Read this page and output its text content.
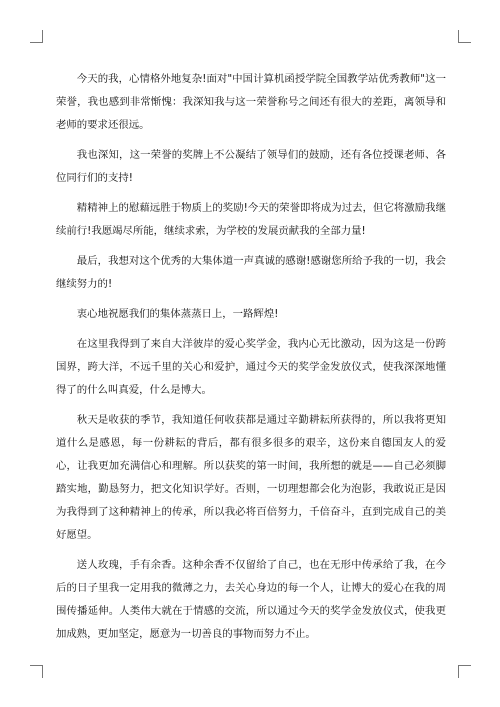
今天的我，心情格外地复杂!面对"中国计算机函授学院全国教学站优秀教师"这一荣誉，我也感到非常惭愧：我深知我与这一荣誉称号之间还有很大的差距，离领导和老师的要求还很远。

我也深知，这一荣誉的奖牌上不公凝结了领导们的鼓励，还有各位授课老师、各位同行们的支持!

精精神上的慰藉远胜于物质上的奖励!今天的荣誉即将成为过去，但它将激励我继续前行!我愿竭尽所能，继续求索，为学校的发展贡献我的全部力量!

最后，我想对这个优秀的大集体道一声真诚的感谢!感谢您所给予我的一切，我会继续努力的!

衷心地祝愿我们的集体蒸蒸日上，一路辉煌!

在这里我得到了来自大洋彼岸的爱心奖学金，我内心无比激动，因为这是一份跨国界，跨大洋，不远千里的关心和爱护，通过今天的奖学金发放仪式，使我深深地懂得了的什么叫真爱，什么是博大。

秋天是收获的季节，我知道任何收获都是通过辛勤耕耘所获得的，所以我将更知道什么是感恩，每一份耕耘的背后，都有很多很多的艰辛，这份来自德国友人的爱心，让我更加充满信心和理解。所以获奖的第一时间，我所想的就是——自己必须脚踏实地，勤恳努力，把文化知识学好。否则，一切理想都会化为泡影，我敢说正是因为我得到了这种精神上的传承，所以我必将百倍努力，千倍奋斗，直到完成自己的美好愿望。

送人玫瑰，手有余香。这种余香不仅留给了自己，也在无形中传承给了我，在今后的日子里我一定用我的微薄之力，去关心身边的每一个人，让博大的爱心在我的周围传播延伸。人类伟大就在于情感的交流，所以通过今天的奖学金发放仪式，使我更加成熟，更加坚定，愿意为一切善良的事物而努力不止。
